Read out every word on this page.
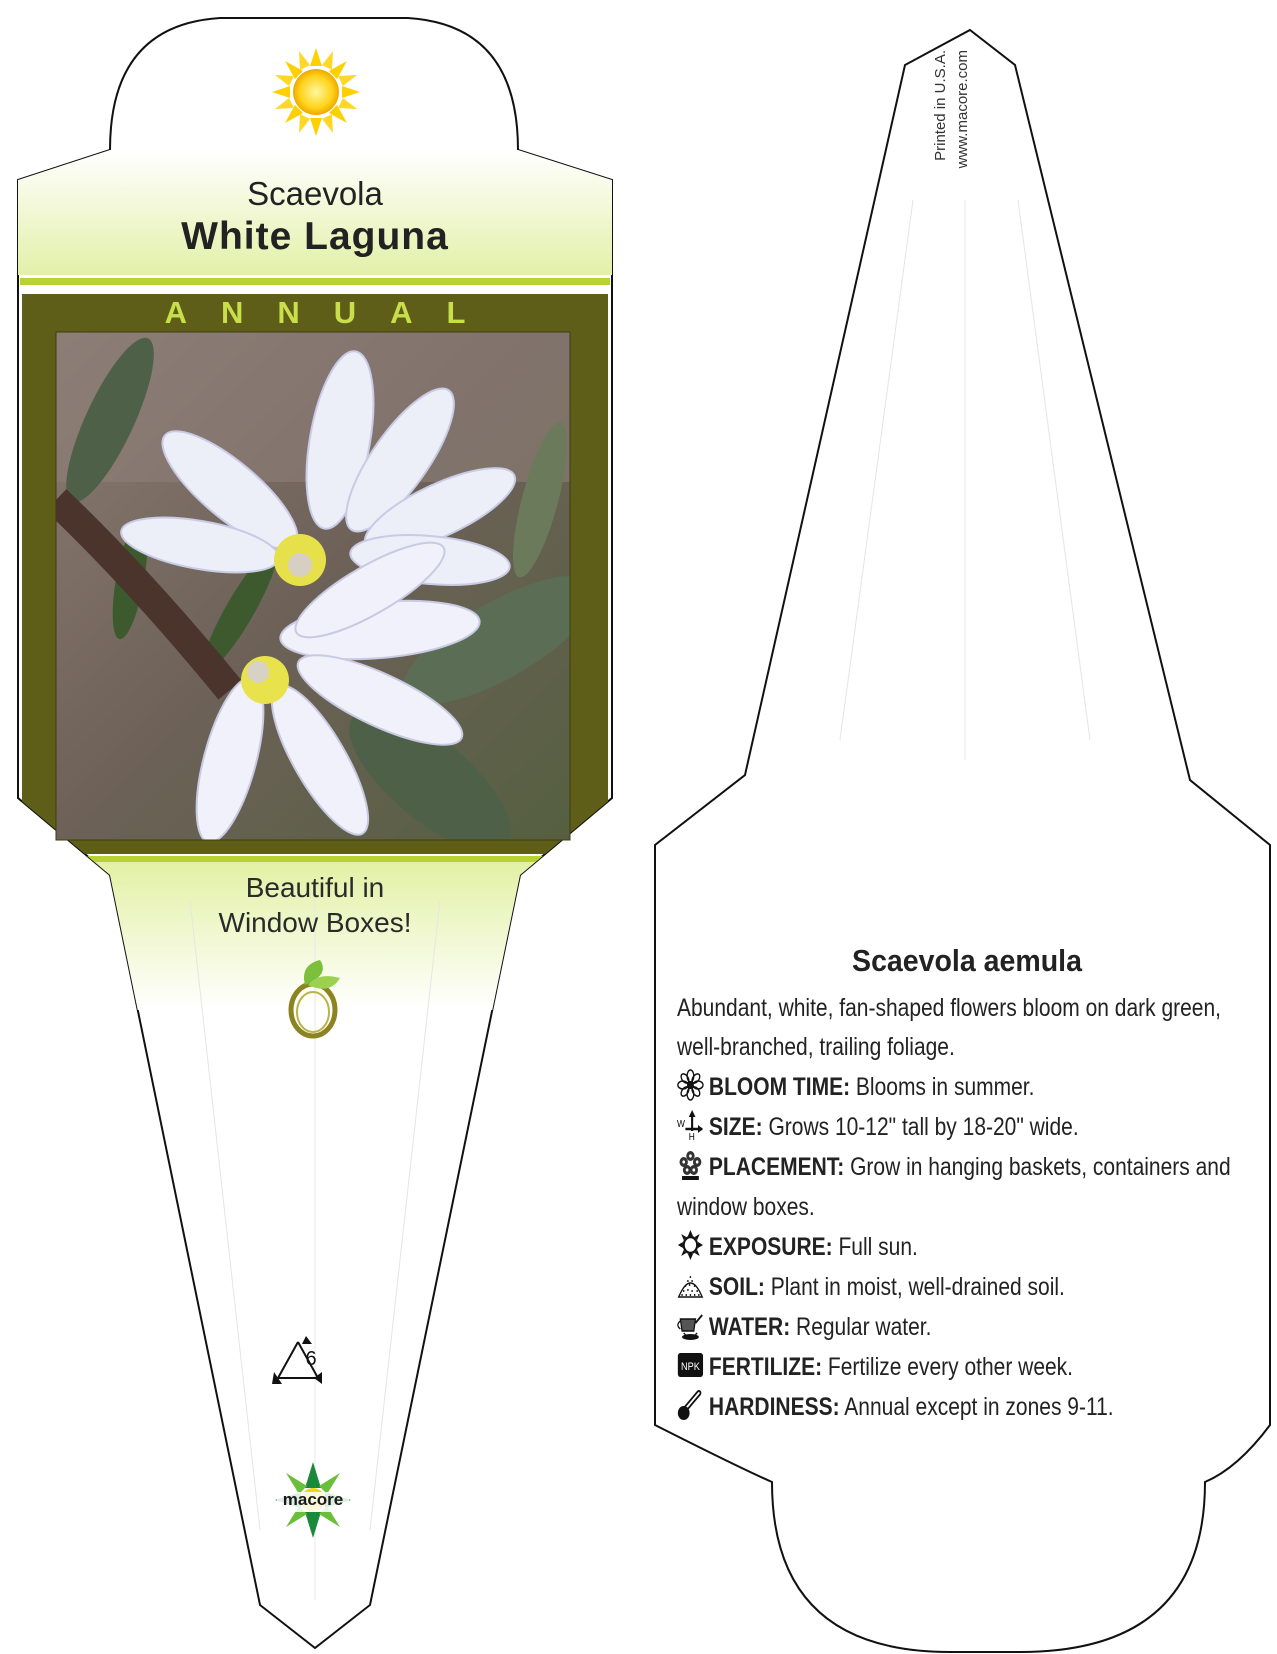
Scaevola
White Laguna
ANNUAL
Beautiful in
Window Boxes!
6
macore
Printed in U.S.A. www.macore.com
Scaevola aemula

Abundant, white, fan-shaped flowers bloom on dark green, well-branched, trailing foliage.

BLOOM TIME: Blooms in summer.
W
H SIZE: Grows 10-12" tall by 18-20" wide.
PLACEMENT: Grow in hanging baskets, containers and window boxes.
EXPOSURE: Full sun.
SOIL: Plant in moist, well-drained soil.
WATER: Regular water.
NPK FERTILIZE: Fertilize every other week.
HARDINESS: Annual except in zones 9-11.
